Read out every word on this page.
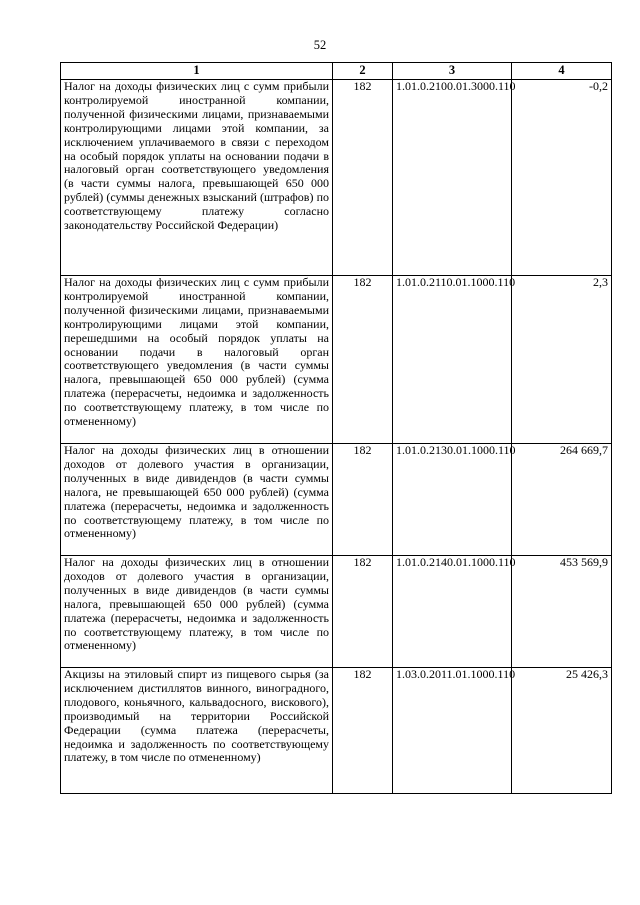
52
1	2	3	4
Налог на доходы физических лиц с сумм прибыли контролируемой иностранной компании, полученной физическими лицами, признаваемыми контролирующими лицами этой компании, за исключением уплачиваемого в связи с переходом на особый порядок уплаты на основании подачи в налоговый орган соответствующего уведомления (в части суммы налога, превышающей 650 000 рублей) (суммы денежных взысканий (штрафов) по соответствующему платежу согласно законодательству Российской Федерации)	182	1.01.0.2100.01.3000.110	-0,2
Налог на доходы физических лиц с сумм прибыли контролируемой иностранной компании, полученной физическими лицами, признаваемыми контролирующими лицами этой компании, перешедшими на особый порядок уплаты на основании подачи в налоговый орган соответствующего уведомления (в части суммы налога, превышающей 650 000 рублей) (сумма платежа (перерасчеты, недоимка и задолженность по соответствующему платежу, в том числе по отмененному)	182	1.01.0.2110.01.1000.110	2,3
Налог на доходы физических лиц в отношении доходов от долевого участия в организации, полученных в виде дивидендов (в части суммы налога, не превышающей 650 000 рублей) (сумма платежа (перерасчеты, недоимка и задолженность по соответствующему платежу, в том числе по отмененному)	182	1.01.0.2130.01.1000.110	264 669,7
Налог на доходы физических лиц в отношении доходов от долевого участия в организации, полученных в виде дивидендов (в части суммы налога, превышающей 650 000 рублей) (сумма платежа (перерасчеты, недоимка и задолженность по соответствующему платежу, в том числе по отмененному)	182	1.01.0.2140.01.1000.110	453 569,9
Акцизы на этиловый спирт из пищевого сырья (за исключением дистиллятов винного, виноградного, плодового, коньячного, кальвадосного, вискового), производимый на территории Российской Федерации (сумма платежа (перерасчеты, недоимка и задолженность по соответствующему платежу, в том числе по отмененному)	182	1.03.0.2011.01.1000.110	25 426,3
